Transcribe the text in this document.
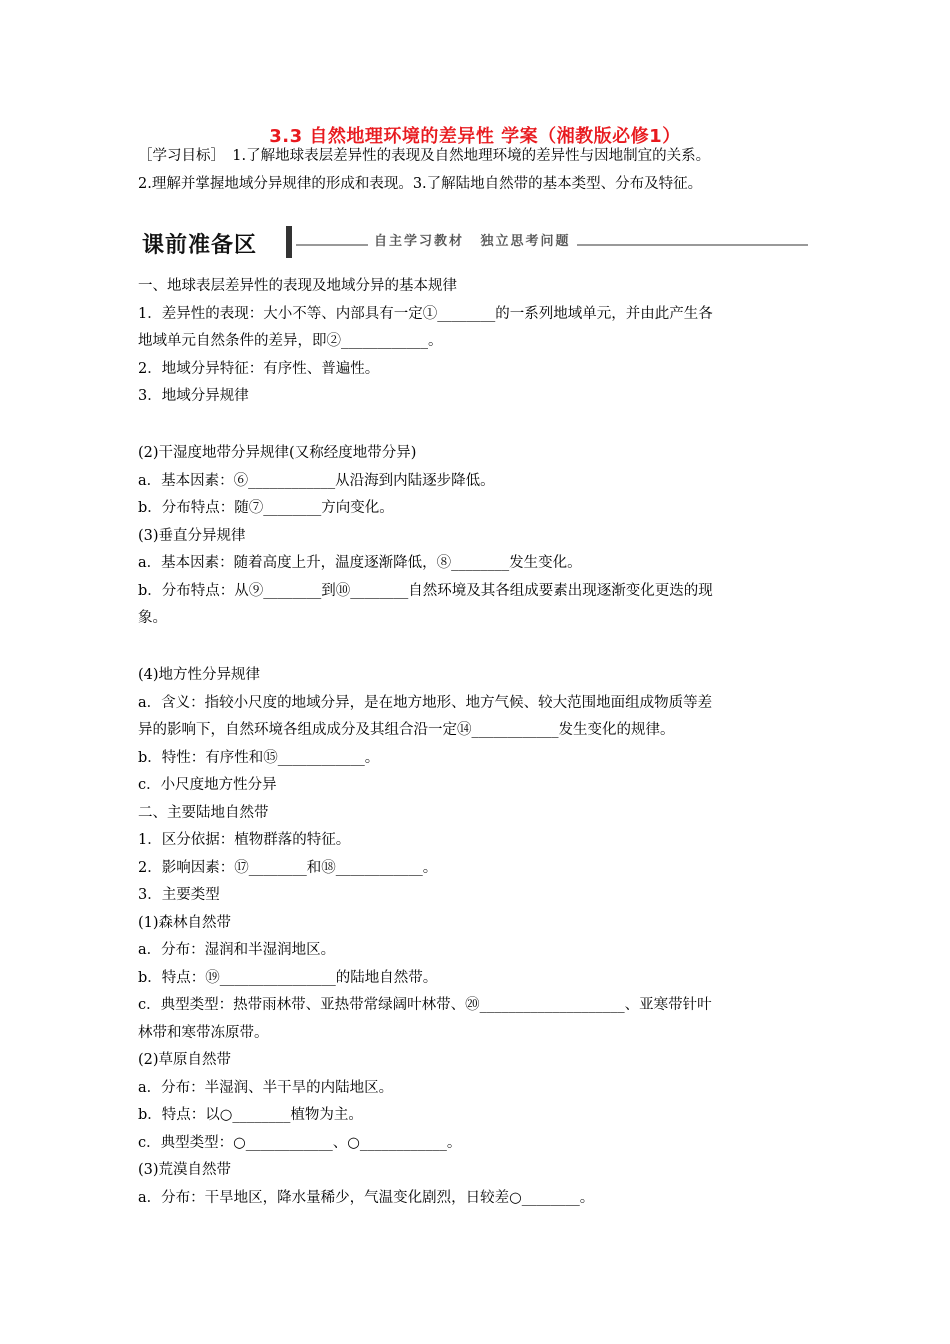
3.3 自然地理环境的差异性 学案（湘教版必修1）
［学习目标］　1.了解地球表层差异性的表现及自然地理环境的差异性与因地制宜的关系。
2.理解并掌握地域分异规律的形成和表现。3.了解陆地自然带的基本类型、分布及特征。
课前准备区	自主学习教材 独立思考问题
一、地球表层差异性的表现及地域分异的基本规律
1．差异性的表现：大小不等、内部具有一定①________的一系列地域单元，并由此产生各
地域单元自然条件的差异，即②____________。
2．地域分异特征：有序性、普遍性。
3．地域分异规律
(2)干湿度地带分异规律(又称经度地带分异)
a．基本因素：⑥____________从沿海到内陆逐步降低。
b．分布特点：随⑦________方向变化。
(3)垂直分异规律
a．基本因素：随着高度上升，温度逐渐降低，⑧________发生变化。
b．分布特点：从⑨________到⑩________自然环境及其各组成要素出现逐渐变化更迭的现
象。
(4)地方性分异规律
a．含义：指较小尺度的地域分异，是在地方地形、地方气候、较大范围地面组成物质等差
异的影响下，自然环境各组成成分及其组合沿一定⑭____________发生变化的规律。
b．特性：有序性和⑮____________。
c．小尺度地方性分异
二、主要陆地自然带
1．区分依据：植物群落的特征。
2．影响因素：⑰________和⑱____________。
3．主要类型
(1)森林自然带
a．分布：湿润和半湿润地区。
b．特点：⑲________________的陆地自然带。
c．典型类型：热带雨林带、亚热带常绿阔叶林带、⑳____________________、亚寒带针叶
林带和寒带冻原带。
(2)草原自然带
a．分布：半湿润、半干旱的内陆地区。
b．特点：以○________植物为主。
c．典型类型：○____________、○____________。
(3)荒漠自然带
a．分布：干旱地区，降水量稀少，气温变化剧烈，日较差○________。
